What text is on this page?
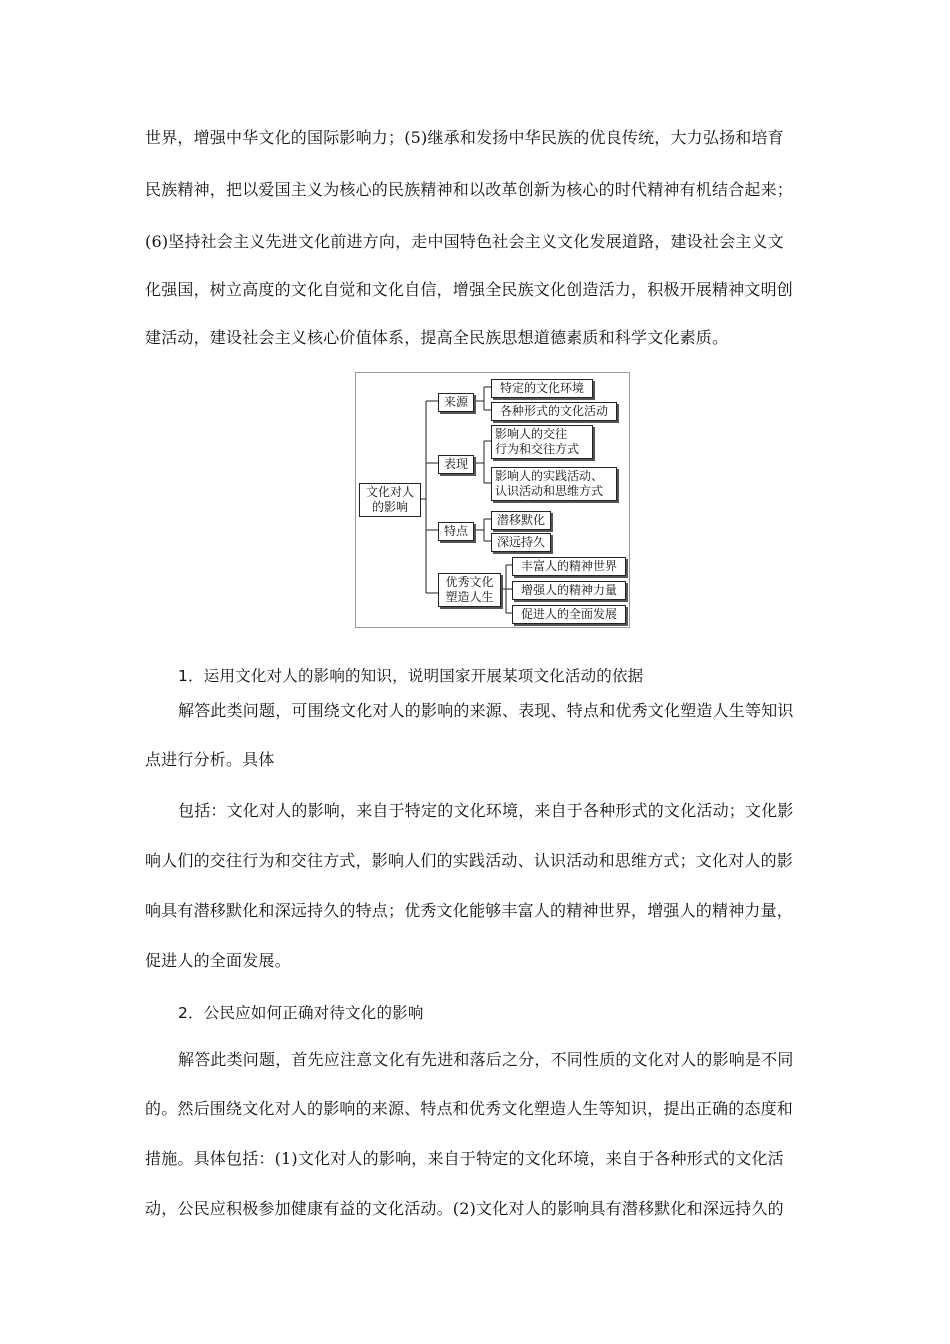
世界，增强中华文化的国际影响力；(5)继承和发扬中华民族的优良传统，大力弘扬和培育
民族精神，把以爱国主义为核心的民族精神和以改革创新为核心的时代精神有机结合起来；
(6)坚持社会主义先进文化前进方向，走中国特色社会主义文化发展道路，建设社会主义文
化强国，树立高度的文化自觉和文化自信，增强全民族文化创造活力，积极开展精神文明创
建活动，建设社会主义核心价值体系，提高全民族思想道德素质和科学文化素质。
文化对人
的影响
来源
表现
特点
优秀文化
塑造人生
特定的文化环境
各种形式的文化活动
影响人的交往
行为和交往方式
影响人的实践活动、
认识活动和思维方式
潜移默化
深远持久
丰富人的精神世界
增强人的精神力量
促进人的全面发展
1．运用文化对人的影响的知识，说明国家开展某项文化活动的依据
解答此类问题，可围绕文化对人的影响的来源、表现、特点和优秀文化塑造人生等知识
点进行分析。具体
包括：文化对人的影响，来自于特定的文化环境，来自于各种形式的文化活动；文化影
响人们的交往行为和交往方式，影响人们的实践活动、认识活动和思维方式；文化对人的影
响具有潜移默化和深远持久的特点；优秀文化能够丰富人的精神世界，增强人的精神力量，
促进人的全面发展。
2．公民应如何正确对待文化的影响
解答此类问题，首先应注意文化有先进和落后之分，不同性质的文化对人的影响是不同
的。然后围绕文化对人的影响的来源、特点和优秀文化塑造人生等知识，提出正确的态度和
措施。具体包括：(1)文化对人的影响，来自于特定的文化环境，来自于各种形式的文化活
动，公民应积极参加健康有益的文化活动。(2)文化对人的影响具有潜移默化和深远持久的
